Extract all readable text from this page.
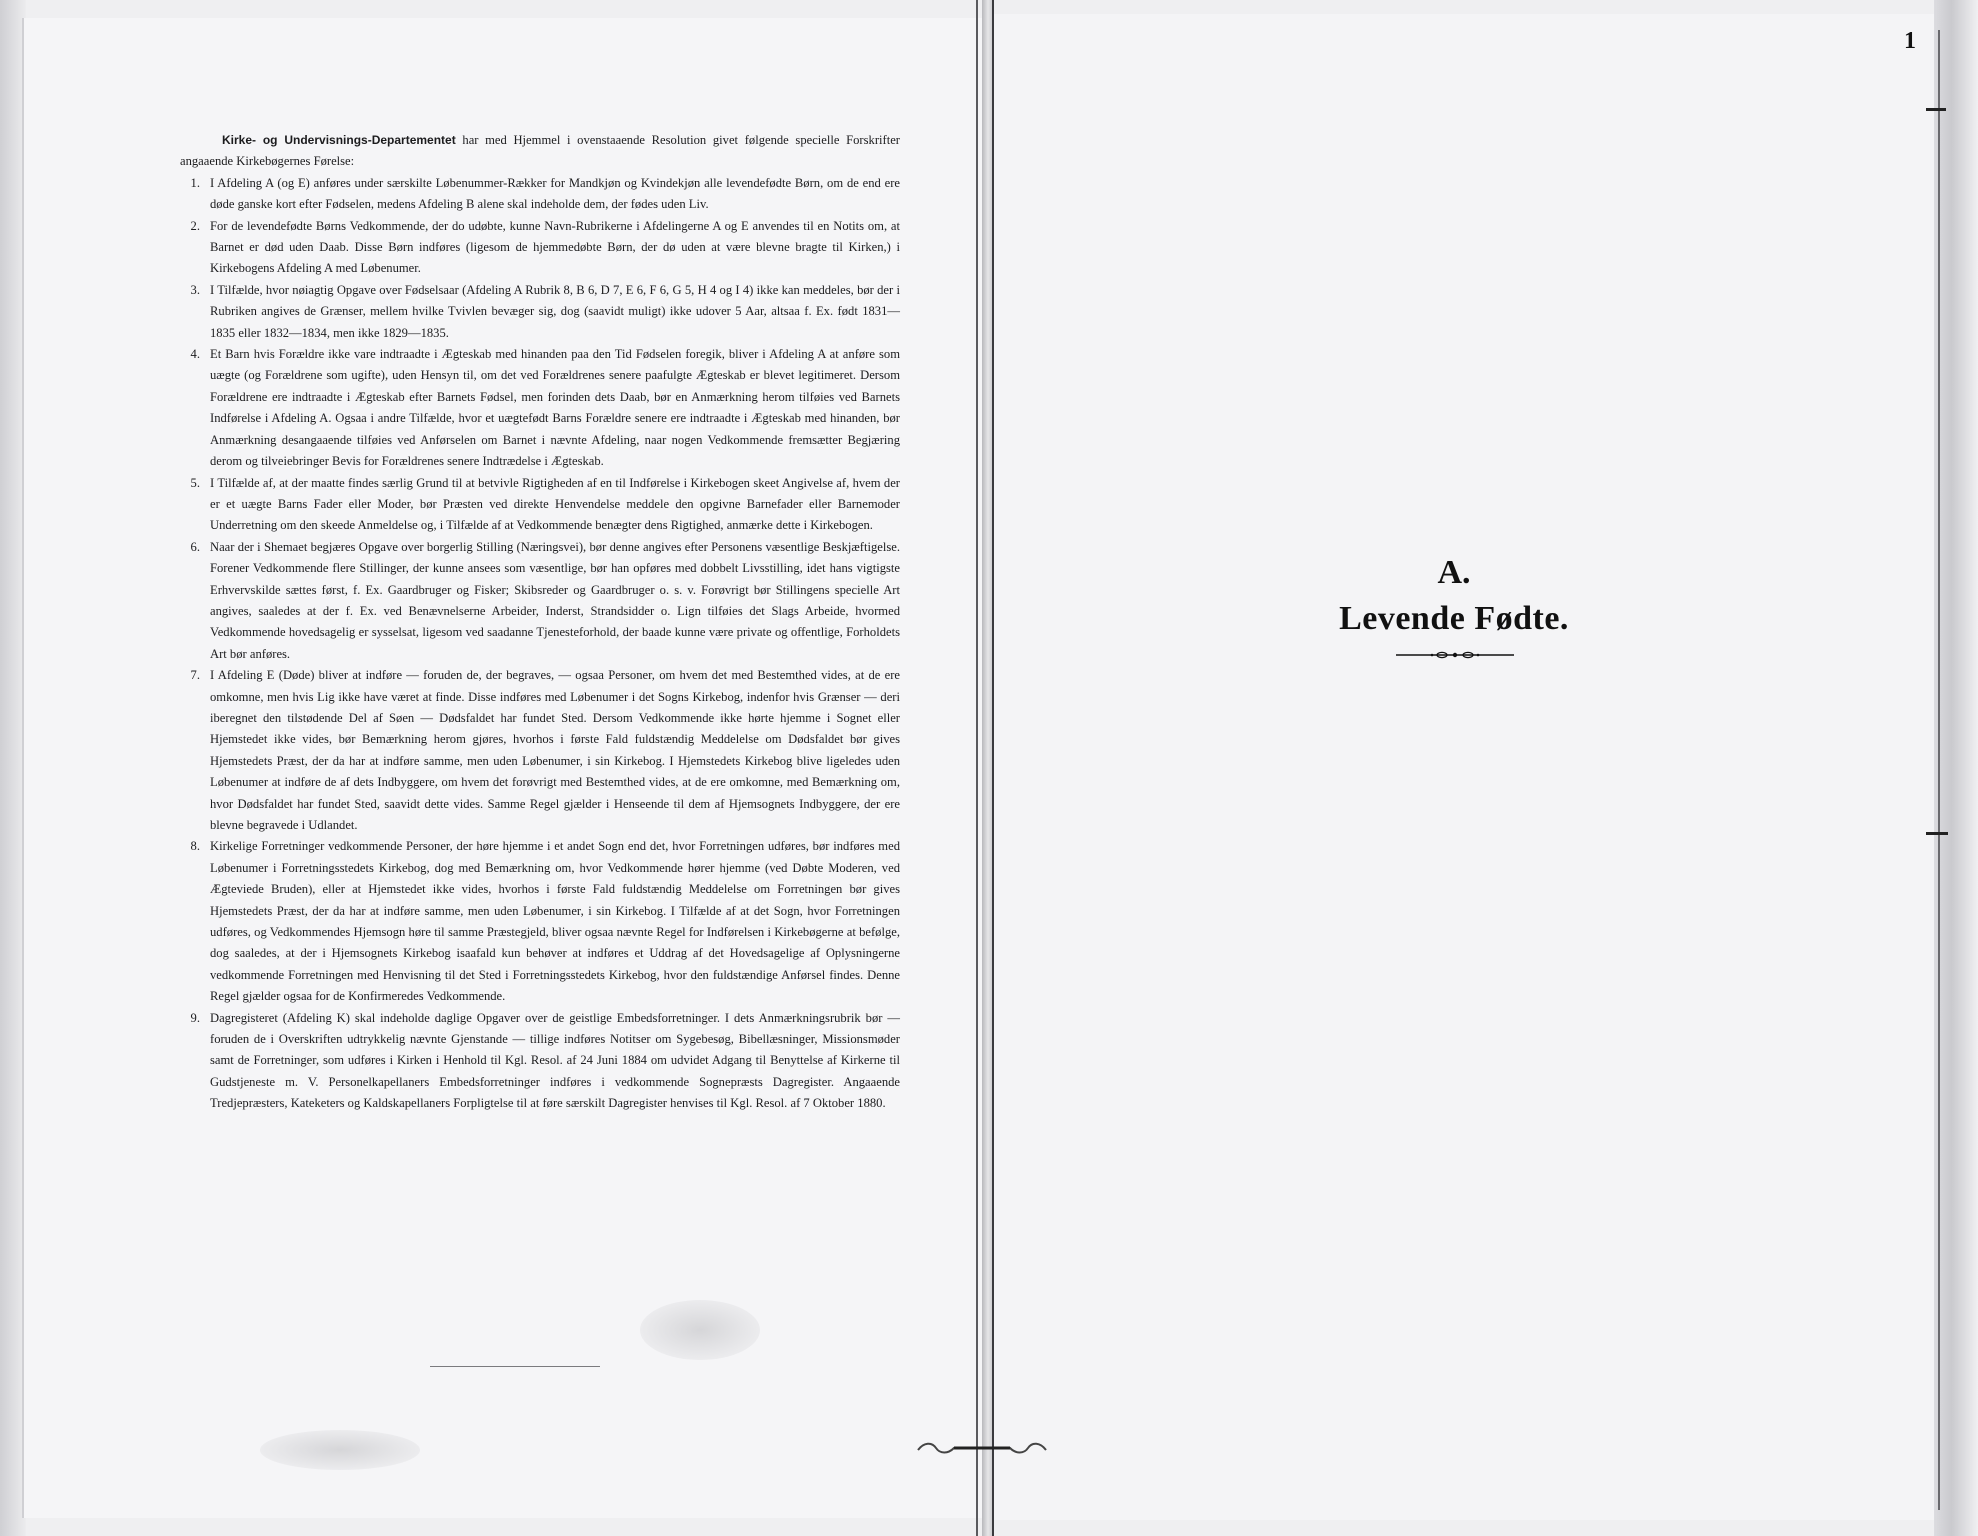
Kirke- og Undervisnings-Departementet har med Hjemmel i ovenstaaende Resolution givet følgende specielle Forskrifter angaaende Kirkebøgernes Førelse:

1. I Afdeling A (og E) anføres under særskilte Løbenummer-Rækker for Mandkjøn og Kvindekjøn alle levendefødte Børn, om de end ere døde ganske kort efter Fødselen, medens Afdeling B alene skal indeholde dem, der fødes uden Liv.
2. For de levendefødte Børns Vedkommende, der do udøbte, kunne Navn-Rubrikerne i Afdelingerne A og E anvendes til en Notits om, at Barnet er død uden Daab. Disse Børn indføres (ligesom de hjemmedøbte Børn, der dø uden at være blevne bragte til Kirken,) i Kirkebogens Afdeling A med Løbenumer.
3. I Tilfælde, hvor nøiagtig Opgave over Fødselsaar (Afdeling A Rubrik 8, B 6, D 7, E 6, F 6, G 5, H 4 og I 4) ikke kan meddeles, bør der i Rubriken angives de Grænser, mellem hvilke Tvivlen bevæger sig, dog (saavidt muligt) ikke udover 5 Aar, altsaa f. Ex. født 1831—1835 eller 1832—1834, men ikke 1829—1835.
4. Et Barn hvis Forældre ikke vare indtraadte i Ægteskab med hinanden paa den Tid Fødselen foregik, bliver i Afdeling A at anføre som uægte (og Forældrene som ugifte), uden Hensyn til, om det ved Forældrenes senere paafulgte Ægteskab er blevet legitimeret. Dersom Forældrene ere indtraadte i Ægteskab efter Barnets Fødsel, men forinden dets Daab, bør en Anmærkning herom tilføies ved Barnets Indførelse i Afdeling A. Ogsaa i andre Tilfælde, hvor et uægtefødt Barns Forældre senere ere indtraadte i Ægteskab med hinanden, bør Anmærkning desangaaende tilføies ved Anførselen om Barnet i nævnte Afdeling, naar nogen Vedkommende fremsætter Begjæring derom og tilveiebringer Bevis for Forældrenes senere Indtrædelse i Ægteskab.
5. I Tilfælde af, at der maatte findes særlig Grund til at betvivle Rigtigheden af en til Indførelse i Kirkebogen skeet Angivelse af, hvem der er et uægte Barns Fader eller Moder, bør Præsten ved direkte Henvendelse meddele den opgivne Barnefader eller Barnemoder Underretning om den skeede Anmeldelse og, i Tilfælde af at Vedkommende benægter dens Rigtighed, anmærke dette i Kirkebogen.
6. Naar der i Shemaet begjæres Opgave over borgerlig Stilling (Næringsvei), bør denne angives efter Personens væsentlige Beskjæftigelse. Forener Vedkommende flere Stillinger, der kunne ansees som væsentlige, bør han opføres med dobbelt Livsstilling, idet hans vigtigste Erhvervskilde sættes først, f. Ex. Gaardbruger og Fisker; Skibsreder og Gaardbruger o. s. v. Forøvrigt bør Stillingens specielle Art angives, saaledes at der f. Ex. ved Benævnelserne Arbeider, Inderst, Strandsidder o. Lign tilføies det Slags Arbeide, hvormed Vedkommende hovedsagelig er sysselsat, ligesom ved saadanne Tjenesteforhold, der baade kunne være private og offentlige, Forholdets Art bør anføres.
7. I Afdeling E (Døde) bliver at indføre — foruden de, der begraves, — ogsaa Personer, om hvem det med Bestemthed vides, at de ere omkomne, men hvis Lig ikke have været at finde. Disse indføres med Løbenumer i det Sogns Kirkebog, indenfor hvis Grænser — deri iberegnet den tilstødende Del af Søen — Dødsfaldet har fundet Sted. Dersom Vedkommende ikke hørte hjemme i Sognet eller Hjemstedet ikke vides, bør Bemærkning herom gjøres, hvorhos i første Fald fuldstændig Meddelelse om Dødsfaldet bør gives Hjemstedets Præst, der da har at indføre samme, men uden Løbenumer, i sin Kirkebog. I Hjemstedets Kirkebog blive ligeledes uden Løbenumer at indføre de af dets Indbyggere, om hvem det forøvrigt med Bestemthed vides, at de ere omkomne, med Bemærkning om, hvor Dødsfaldet har fundet Sted, saavidt dette vides. Samme Regel gjælder i Henseende til dem af Hjemsognets Indbyggere, der ere blevne begravede i Udlandet.
8. Kirkelige Forretninger vedkommende Personer, der høre hjemme i et andet Sogn end det, hvor Forretningen udføres, bør indføres med Løbenumer i Forretningsstedets Kirkebog, dog med Bemærkning om, hvor Vedkommende hører hjemme (ved Døbte Moderen, ved Ægteviede Bruden), eller at Hjemstedet ikke vides, hvorhos i første Fald fuldstændig Meddelelse om Forretningen bør gives Hjemstedets Præst, der da har at indføre samme, men uden Løbenumer, i sin Kirkebog. I Tilfælde af at det Sogn, hvor Forretningen udføres, og Vedkommendes Hjemsogn høre til samme Præstegjeld, bliver ogsaa nævnte Regel for Indførelsen i Kirkebøgerne at befølge, dog saaledes, at der i Hjemsognets Kirkebog isaafald kun behøver at indføres et Uddrag af det Hovedsagelige af Oplysningerne vedkommende Forretningen med Henvisning til det Sted i Forretningsstedets Kirkebog, hvor den fuldstændige Anførsel findes. Denne Regel gjælder ogsaa for de Konfirmeredes Vedkommende.
9. Dagregisteret (Afdeling K) skal indeholde daglige Opgaver over de geistlige Embedsforretninger. I dets Anmærkningsrubrik bør — foruden de i Overskriften udtrykkelig nævnte Gjenstande — tillige indføres Notitser om Sygebesøg, Bibellæsninger, Missionsmøder samt de Forretninger, som udføres i Kirken i Henhold til Kgl. Resol. af 24 Juni 1884 om udvidet Adgang til Benyttelse af Kirkerne til Gudstjeneste m. V. Personelkapellaners Embedsforretninger indføres i vedkommende Sognepræsts Dagregister. Angaaende Tredjepræsters, Kateketers og Kaldskapellaners Forpligtelse til at føre særskilt Dagregister henvises til Kgl. Resol. af 7 Oktober 1880.
1
A.
Levende Fødte.
